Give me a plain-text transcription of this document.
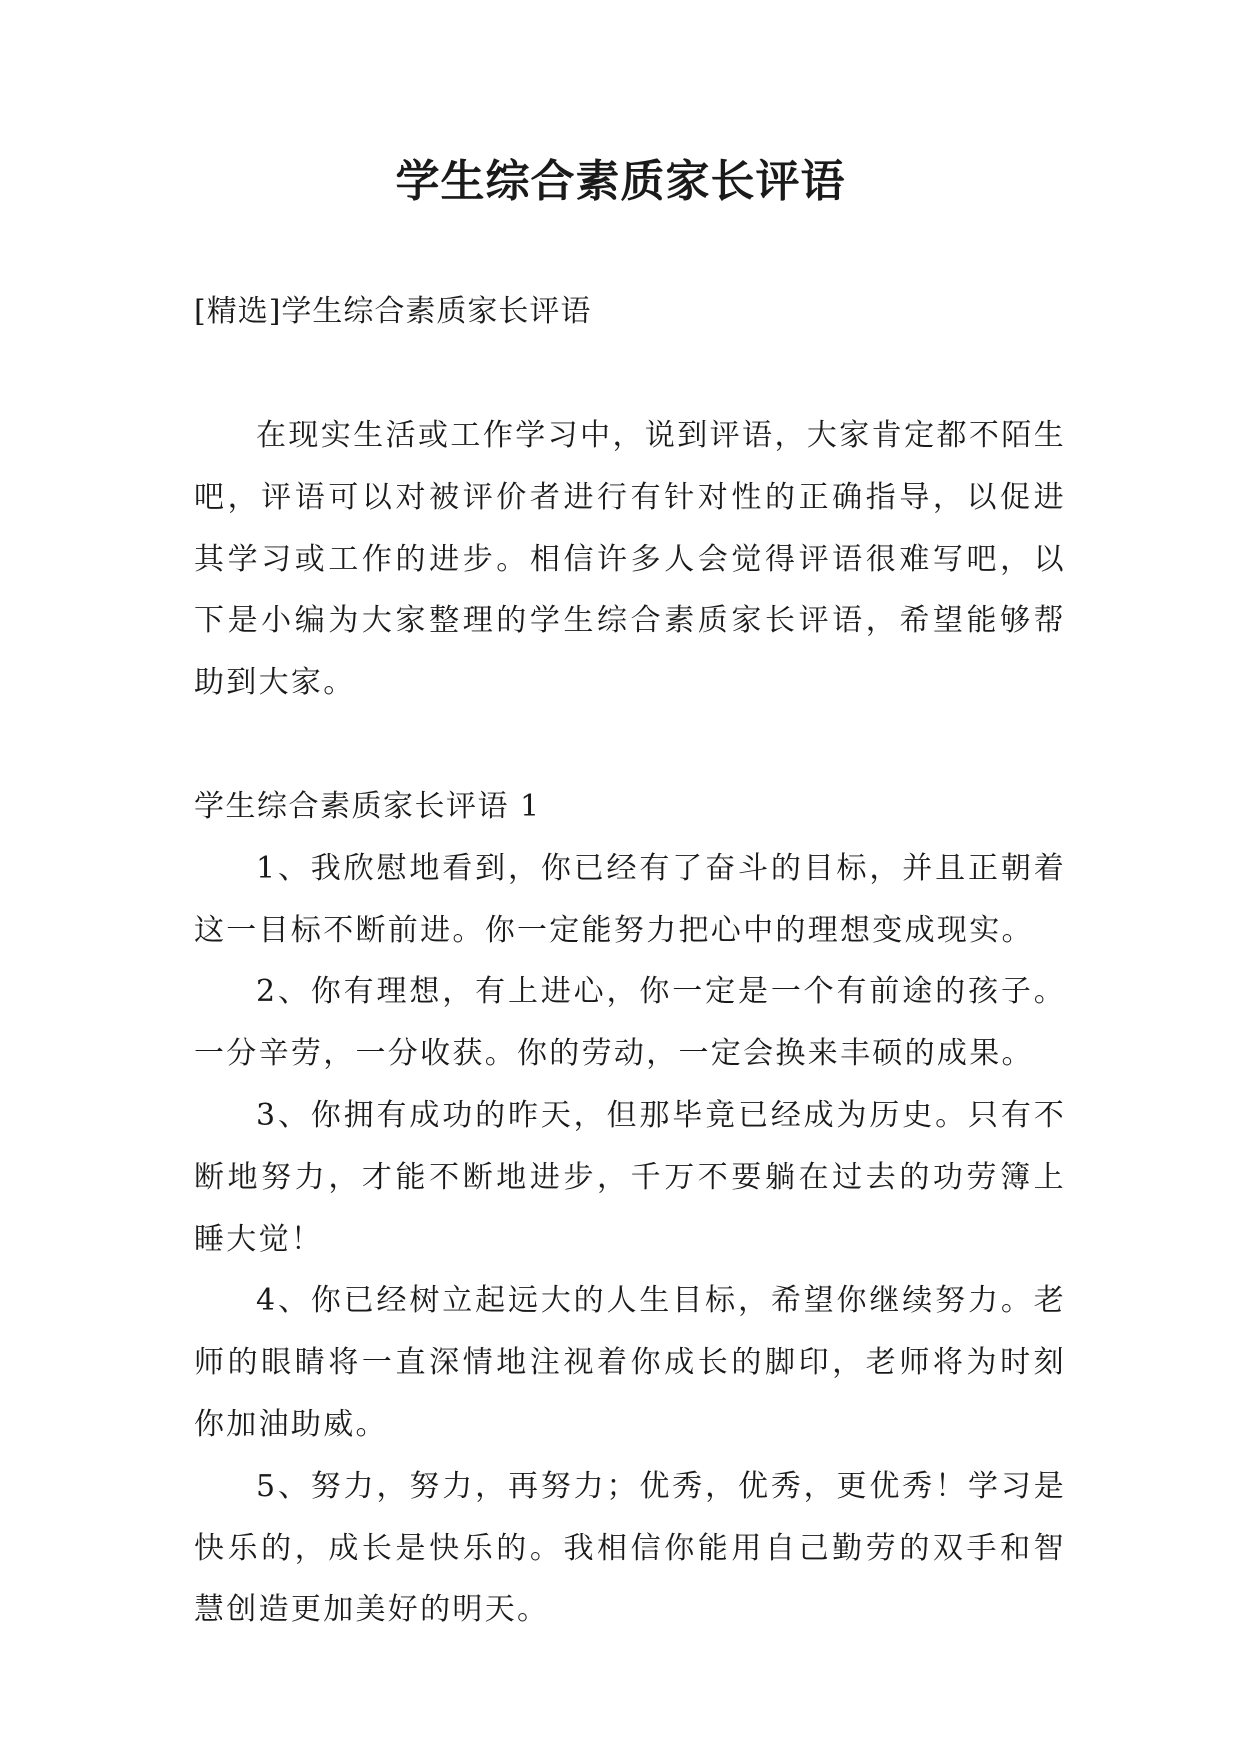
学生综合素质家长评语

[精选]学生综合素质家长评语

在现实生活或工作学习中，说到评语，大家肯定都不陌生吧，评语可以对被评价者进行有针对性的正确指导，以促进其学习或工作的进步。相信许多人会觉得评语很难写吧，以下是小编为大家整理的学生综合素质家长评语，希望能够帮助到大家。

学生综合素质家长评语 1

1、我欣慰地看到，你已经有了奋斗的目标，并且正朝着这一目标不断前进。你一定能努力把心中的理想变成现实。

2、你有理想，有上进心，你一定是一个有前途的孩子。一分辛劳，一分收获。你的劳动，一定会换来丰硕的成果。

3、你拥有成功的昨天，但那毕竟已经成为历史。只有不断地努力，才能不断地进步，千万不要躺在过去的功劳簿上睡大觉！

4、你已经树立起远大的人生目标，希望你继续努力。老师的眼睛将一直深情地注视着你成长的脚印，老师将为时刻你加油助威。

5、努力，努力，再努力；优秀，优秀，更优秀！学习是快乐的，成长是快乐的。我相信你能用自己勤劳的双手和智慧创造更加美好的明天。
